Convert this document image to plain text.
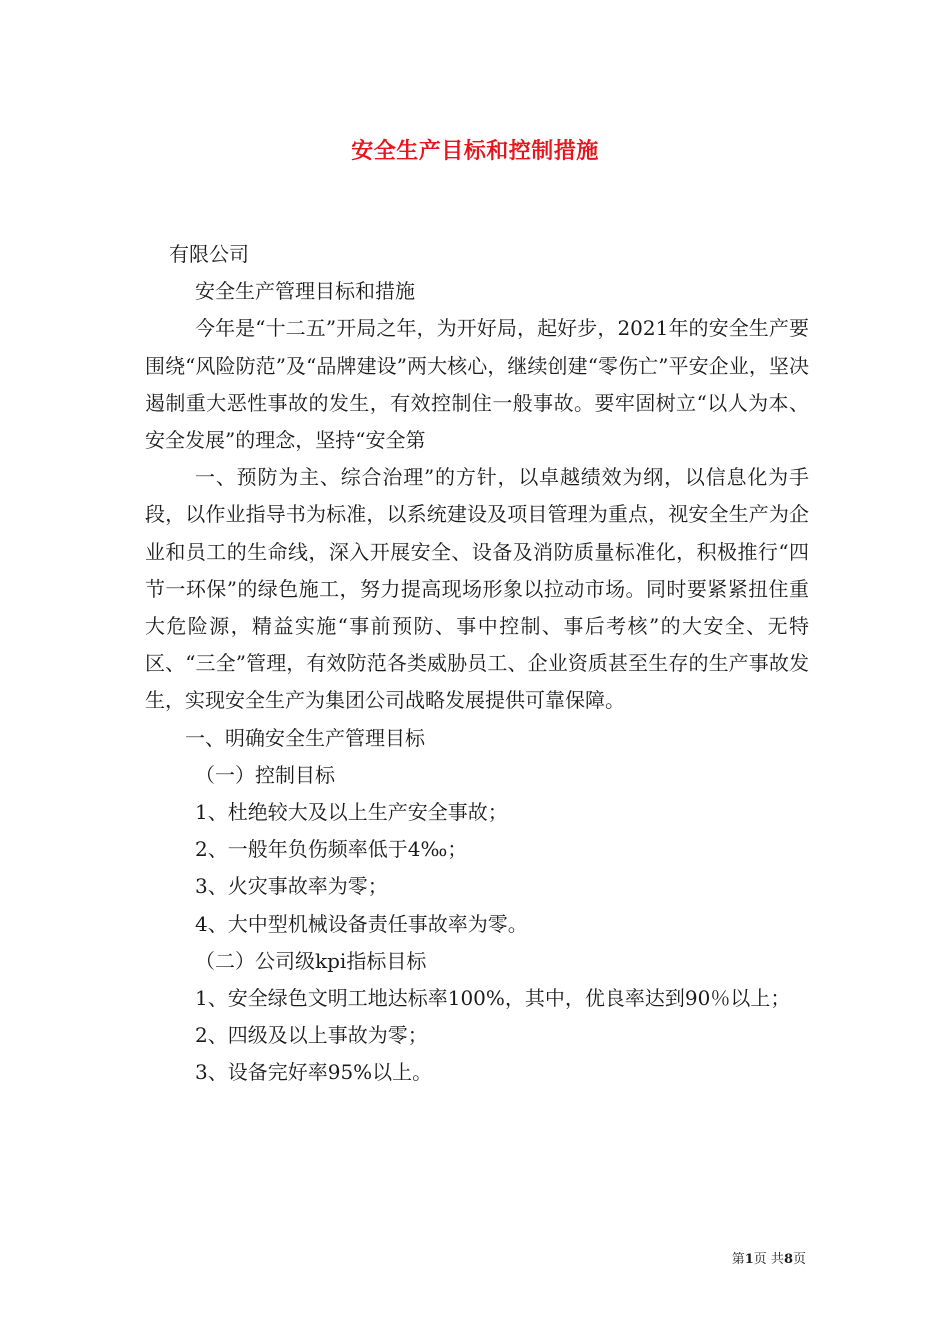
安全生产目标和控制措施

有限公司

安全生产管理目标和措施

今年是“十二五”开局之年，为开好局，起好步，2021年的安全生产要围绕“风险防范”及“品牌建设”两大核心，继续创建“零伤亡”平安企业，坚决遏制重大恶性事故的发生，有效控制住一般事故。要牢固树立“以人为本、安全发展”的理念，坚持“安全第

一、预防为主、综合治理”的方针，以卓越绩效为纲，以信息化为手段，以作业指导书为标准，以系统建设及项目管理为重点，视安全生产为企业和员工的生命线，深入开展安全、设备及消防质量标准化，积极推行“四节一环保”的绿色施工，努力提高现场形象以拉动市场。同时要紧紧扭住重大危险源，精益实施“事前预防、事中控制、事后考核”的大安全、无特区、“三全”管理，有效防范各类威胁员工、企业资质甚至生存的生产事故发生，实现安全生产为集团公司战略发展提供可靠保障。

一、明确安全生产管理目标

（一）控制目标

1、杜绝较大及以上生产安全事故；

2、一般年负伤频率低于4‰；

3、火灾事故率为零；

4、大中型机械设备责任事故率为零。

（二）公司级kpi指标目标

1、安全绿色文明工地达标率100%，其中，优良率达到90％以上；

2、四级及以上事故为零；

3、设备完好率95%以上。

第1页 共8页
